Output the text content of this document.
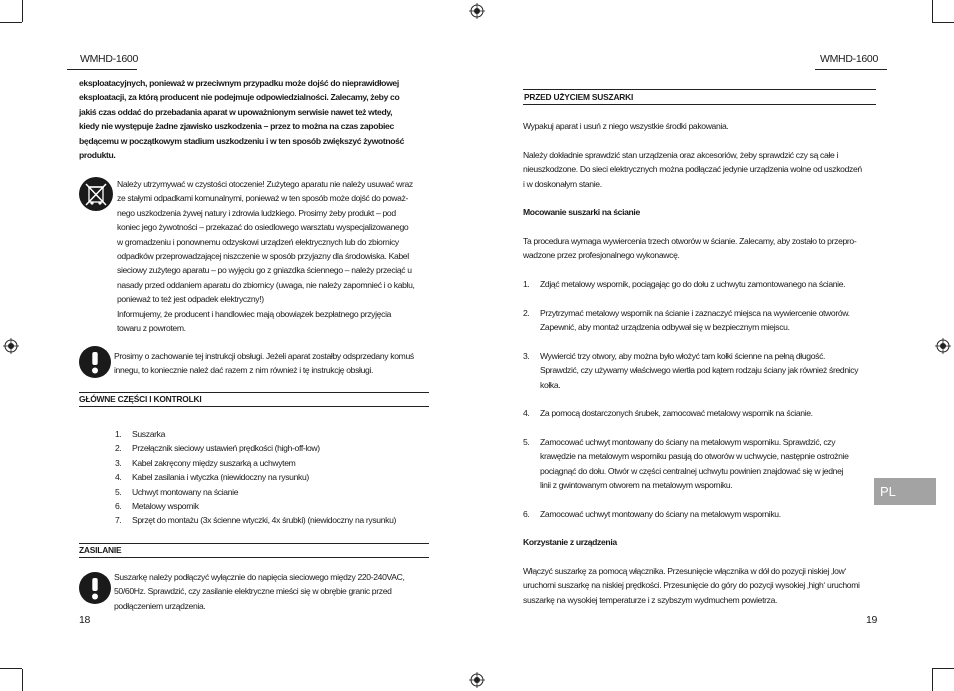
WMHD-1600	WMHD-1600
eksploatacyjnych, ponieważ w przeciwnym przypadku może dojść do nieprawidłowej
eksploatacji, za którą producent nie podejmuje odpowiedzialności. Zalecamy, żeby co
jakiś czas oddać do przebadania aparat w upoważnionym serwisie nawet też wtedy,
kiedy nie występuje żadne zjawisko uszkodzenia – przez to można na czas zapobiec
będącemu w początkowym stadium uszkodzeniu i w ten sposób zwiększyć żywotność
produktu.
Należy utrzymywać w czystości otoczenie! Zużytego aparatu nie należy usuwać wraz
ze stałymi odpadkami komunalnymi, ponieważ w ten sposób może dojść do poważ-
nego uszkodzenia żywej natury i zdrowia ludzkiego. Prosimy żeby produkt – pod
koniec jego żywotności – przekazać do osiedlowego warsztatu wyspecjalizowanego
w gromadzeniu i ponownemu odzyskowi urządzeń elektrycznych lub do zbiornicy
odpadków przeprowadzającej niszczenie w sposób przyjazny dla środowiska. Kabel
sieciowy zużytego aparatu – po wyjęciu go z gniazdka ściennego – należy przeciąć u
nasady przed oddaniem aparatu do zbiornicy (uwaga, nie należy zapomnieć i o kablu,
ponieważ to też jest odpadek elektryczny!)
Informujemy, że producent i handlowiec mają obowiązek bezpłatnego przyjęcia
towaru z powrotem.
Prosimy o zachowanie tej instrukcji obsługi. Jeżeli aparat zostałby odsprzedany komuś
innegu, to koniecznie należ dać razem z nim również i tę instrukcję obsługi.
GŁÓWNE CZĘŚCI I KONTROLKI
1. Suszarka
2. Przełącznik sieciowy ustawień prędkości (high-off-low)
3. Kabel zakręcony między suszarką a uchwytem
4. Kabel zasilania i wtyczka (niewidoczny na rysunku)
5. Uchwyt montowany na ścianie
6. Metalowy wspornik
7. Sprzęt do montażu (3x ścienne wtyczki, 4x śrubki) (niewidoczny na rysunku)
ZASILANIE
Suszarkę należy podłączyć wyłącznie do napięcia sieciowego między 220-240VAC,
50/60Hz. Sprawdzić, czy zasilanie elektryczne mieści się w obrębie granic przed
podłączeniem urządzenia.
18
PRZED UŻYCIEM SUSZARKI
Wypakuj aparat i usuń z niego wszystkie środki pakowania.
Należy dokładnie sprawdzić stan urządzenia oraz akcesoriów, żeby sprawdzić czy są całe i
nieuszkodzone. Do sieci elektrycznych można podłączać jedynie urządzenia wolne od uszkodzeń
i w doskonałym stanie.
Mocowanie suszarki na ścianie
Ta procedura wymaga wywiercenia trzech otworów w ścianie. Zalecamy, aby zostało to przepro-
wadzone przez profesjonalnego wykonawcę.
1. Zdjąć metalowy wspornik, pociągając go do dołu z uchwytu zamontowanego na ścianie.
2. Przytrzymać metalowy wspornik na ścianie i zaznaczyć miejsca na wywiercenie otworów.
Zapewnić, aby montaż urządzenia odbywał się w bezpiecznym miejscu.
3. Wywiercić trzy otwory, aby można było włożyć tam kołki ścienne na pełną długość.
Sprawdzić, czy używamy właściwego wiertła pod kątem rodzaju ściany jak również średnicy
kołka.
4. Za pomocą dostarczonych śrubek, zamocować metalowy wspornik na ścianie.
5. Zamocować uchwyt montowany do ściany na metalowym wsporniku. Sprawdzić, czy
krawędzie na metalowym wsporniku pasują do otworów w uchwycie, następnie ostrożnie
pociągnąć do dołu. Otwór w części centralnej uchwytu powinien znajdować się w jednej
linii z gwintowanym otworem na metalowym wsporniku.
6. Zamocować uchwyt montowany do ściany na metalowym wsporniku.
Korzystanie z urządzenia
Włączyć suszarkę za pomocą włącznika. Przesunięcie włącznika w dół do pozycji niskiej ‚low‘
uruchomi suszarkę na niskiej prędkości. Przesunięcie do góry do pozycji wysokiej ‚high‘ uruchomi
suszarkę na wysokiej temperaturze i z szybszym wydmuchem powietrza.
19
PL
